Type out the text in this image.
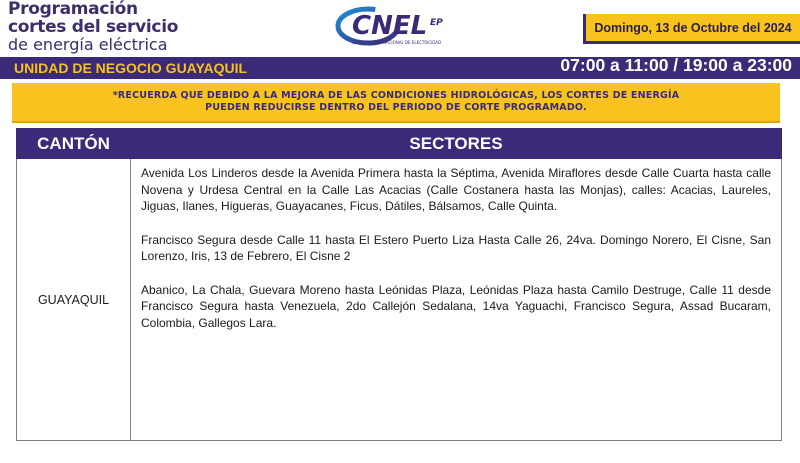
Programación
cortes del servicio
de energía eléctrica
CNEL EP
CORPORACIÓN NACIONAL DE ELECTRICIDAD
Domingo, 13 de Octubre del 2024
UNIDAD DE NEGOCIO GUAYAQUIL	07:00 a 11:00 / 19:00 a 23:00
*RECUERDA QUE DEBIDO A LA MEJORA DE LAS CONDICIONES HIDROLÓGICAS, LOS CORTES DE ENERGÍA
PUEDEN REDUCIRSE DENTRO DEL PERIODO DE CORTE PROGRAMADO.
CANTÓN	SECTORES
GUAYAQUIL	Avenida Los Linderos desde la Avenida Primera hasta la Séptima, Avenida Miraflores desde Calle Cuarta hasta calle Novena y Urdesa Central en la Calle Las Acacias (Calle Costanera hasta las Monjas), calles: Acacias, Laureles, Jiguas, Ilanes, Higueras, Guayacanes, Ficus, Dátiles, Bálsamos, Calle Quinta.

Francisco Segura desde Calle 11 hasta El Estero Puerto Liza Hasta Calle 26, 24va. Domingo Norero, El Cisne, San Lorenzo, Iris, 13 de Febrero, El Cisne 2

Abanico, La Chala, Guevara Moreno hasta Leónidas Plaza, Leónidas Plaza hasta Camilo Destruge, Calle 11 desde Francisco Segura hasta Venezuela, 2do Callejón Sedalana, 14va Yaguachi, Francisco Segura, Assad Bucaram, Colombia, Gallegos Lara.
